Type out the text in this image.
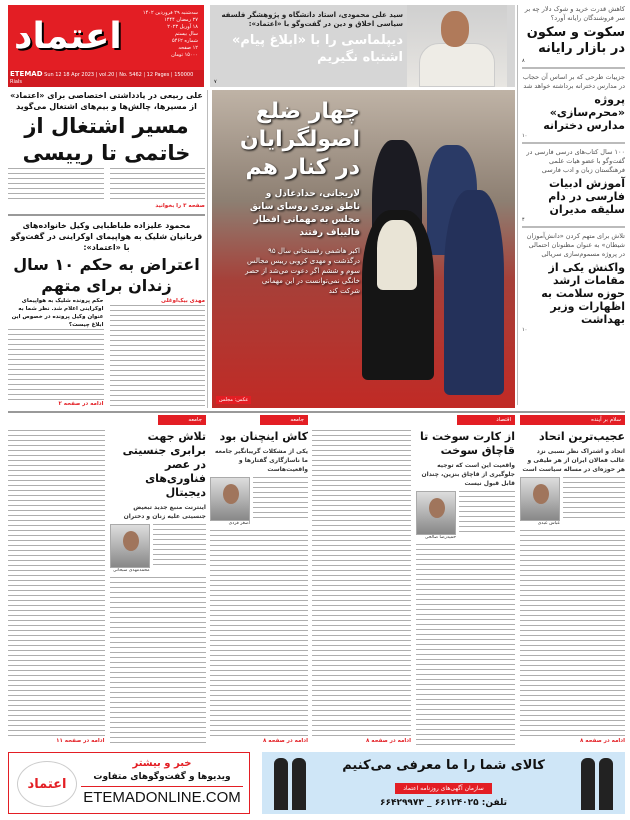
اعتماد
سه‌شنبه ۲۹ فروردین ۱۴۰۲
۲۷ رمضان ۱۴۴۴
۱۸ آوریل ۲۰۲۳
سال بیستم
شماره ۵۴۶۲
۱۲ صفحه
۱۵۰۰۰ تومان
ETEMAD Sun 12 18 Apr 2023 | vol.20 | No. 5462 | 12 Pages | 150000 Rials
سید علی محمودی، استاد دانشگاه و پژوهشگر فلسفه سیاسی اخلاق و دین در گفت‌وگو با «اعتماد»:
دیپلماسی را با «ابلاغ پیام» اشتباه نگیریم
۷
کاهش قدرت خرید و شوک دلار چه بر سر فروشندگان رایانه آورد؟
سکوت و سکون در بازار رایانه
۸
جزییات طرحی که بر اساس آن حجاب در مدارس دخترانه برداشته خواهد شد
پروژه «محرم‌سازی» مدارس دخترانه
۱۰
۱۰۰ سال کتاب‌های درسی فارسی در گفت‌وگو با عضو هیات علمی فرهنگستان زبان و ادب فارسی
آموزش ادبیات فارسی در دام سلیقه مدیران
۴
تلاش برای متهم کردن «دانش‌آموزان شیطان» به عنوان مظنونان احتمالی در پروژه مسموم‌سازی سریالی
واکنش یکی از مقامات ارشد حوزه سلامت به اظهارات وزیر بهداشت
۱۰
علی ربیعی در یادداشتی اختصاصی برای «اعتماد» از مسیرها، چالش‌ها و بیم‌های اشتغال می‌گوید
مسیر اشتغال از خاتمی تا رییسی
صفحه ۳ را بخوانید
محمود علیزاده طباطبایی وکیل خانواده‌های قربانیان شلیک به هواپیمای اوکراینی در گفت‌وگو با «اعتماد»:
اعتراض به حکم ۱۰ سال زندان برای متهم
مهدی بیک‌اوغلی
حکم پرونده شلیک به هواپیمای اوکراینی اعلام شد. نظر شما به عنوان وکیل پرونده در خصوص این ابلاغ چیست؟
ادامه در صفحه ۲
چهار ضلع اصولگرایان در کنار هم
لاریجانی، حدادعادل و ناطق نوری روسای سابق مجلس به مهمانی افطار قالیباف رفتند
اکبر هاشمی رفسنجانی سال ۹۵ درگذشت و مهدی کروبی رییس مجالس سوم و ششم اگر دعوت می‌شد از حصر خانگی نمی‌توانست در این مهمانی شرکت کند
عکس: مجلس
سلام بر آینده
عجیب‌ترین اتحاد
اتحاد و اشتراک نظر نسبی نزد غالب فعالان ایران از هر طیفی و هر حوزه‌ای در مساله سیاست است
عباس عبدی
ادامه در صفحه ۸
اقتصاد
از کارت سوخت تا قاچاق سوخت
واقعیت این است که توجیه جلوگیری از قاچاق بنزین، چندان قابل قبول نیست
حمیدرضا صالحی
ادامه در صفحه ۸
جامعه
کاش اینچنان بود
یکی از مشکلات گریبانگیر جامعه ما ناسازگاری گفتارها و واقعیت‌هاست
اصغر فردی
ادامه در صفحه ۸
جامعه
تلاش جهت برابری جنسیتی در عصر فناوری‌های دیجیتال
اینترنت منبع جدید تبعیض جنسیتی علیه زنان و دختران
محمدمهدی سبحانی
ادامه در صفحه ۱۱
اعتماد
خبر و بیشتر
ویدیوها و گفت‌وگوهای متفاوت
ETEMADONLINE.COM
کالای شما را ما معرفی می‌کنیم
سازمان آگهی‌های روزنامه اعتماد
تلفن: ۶۶۱۲۴۰۲۵ _ ۶۶۴۲۹۹۷۳
